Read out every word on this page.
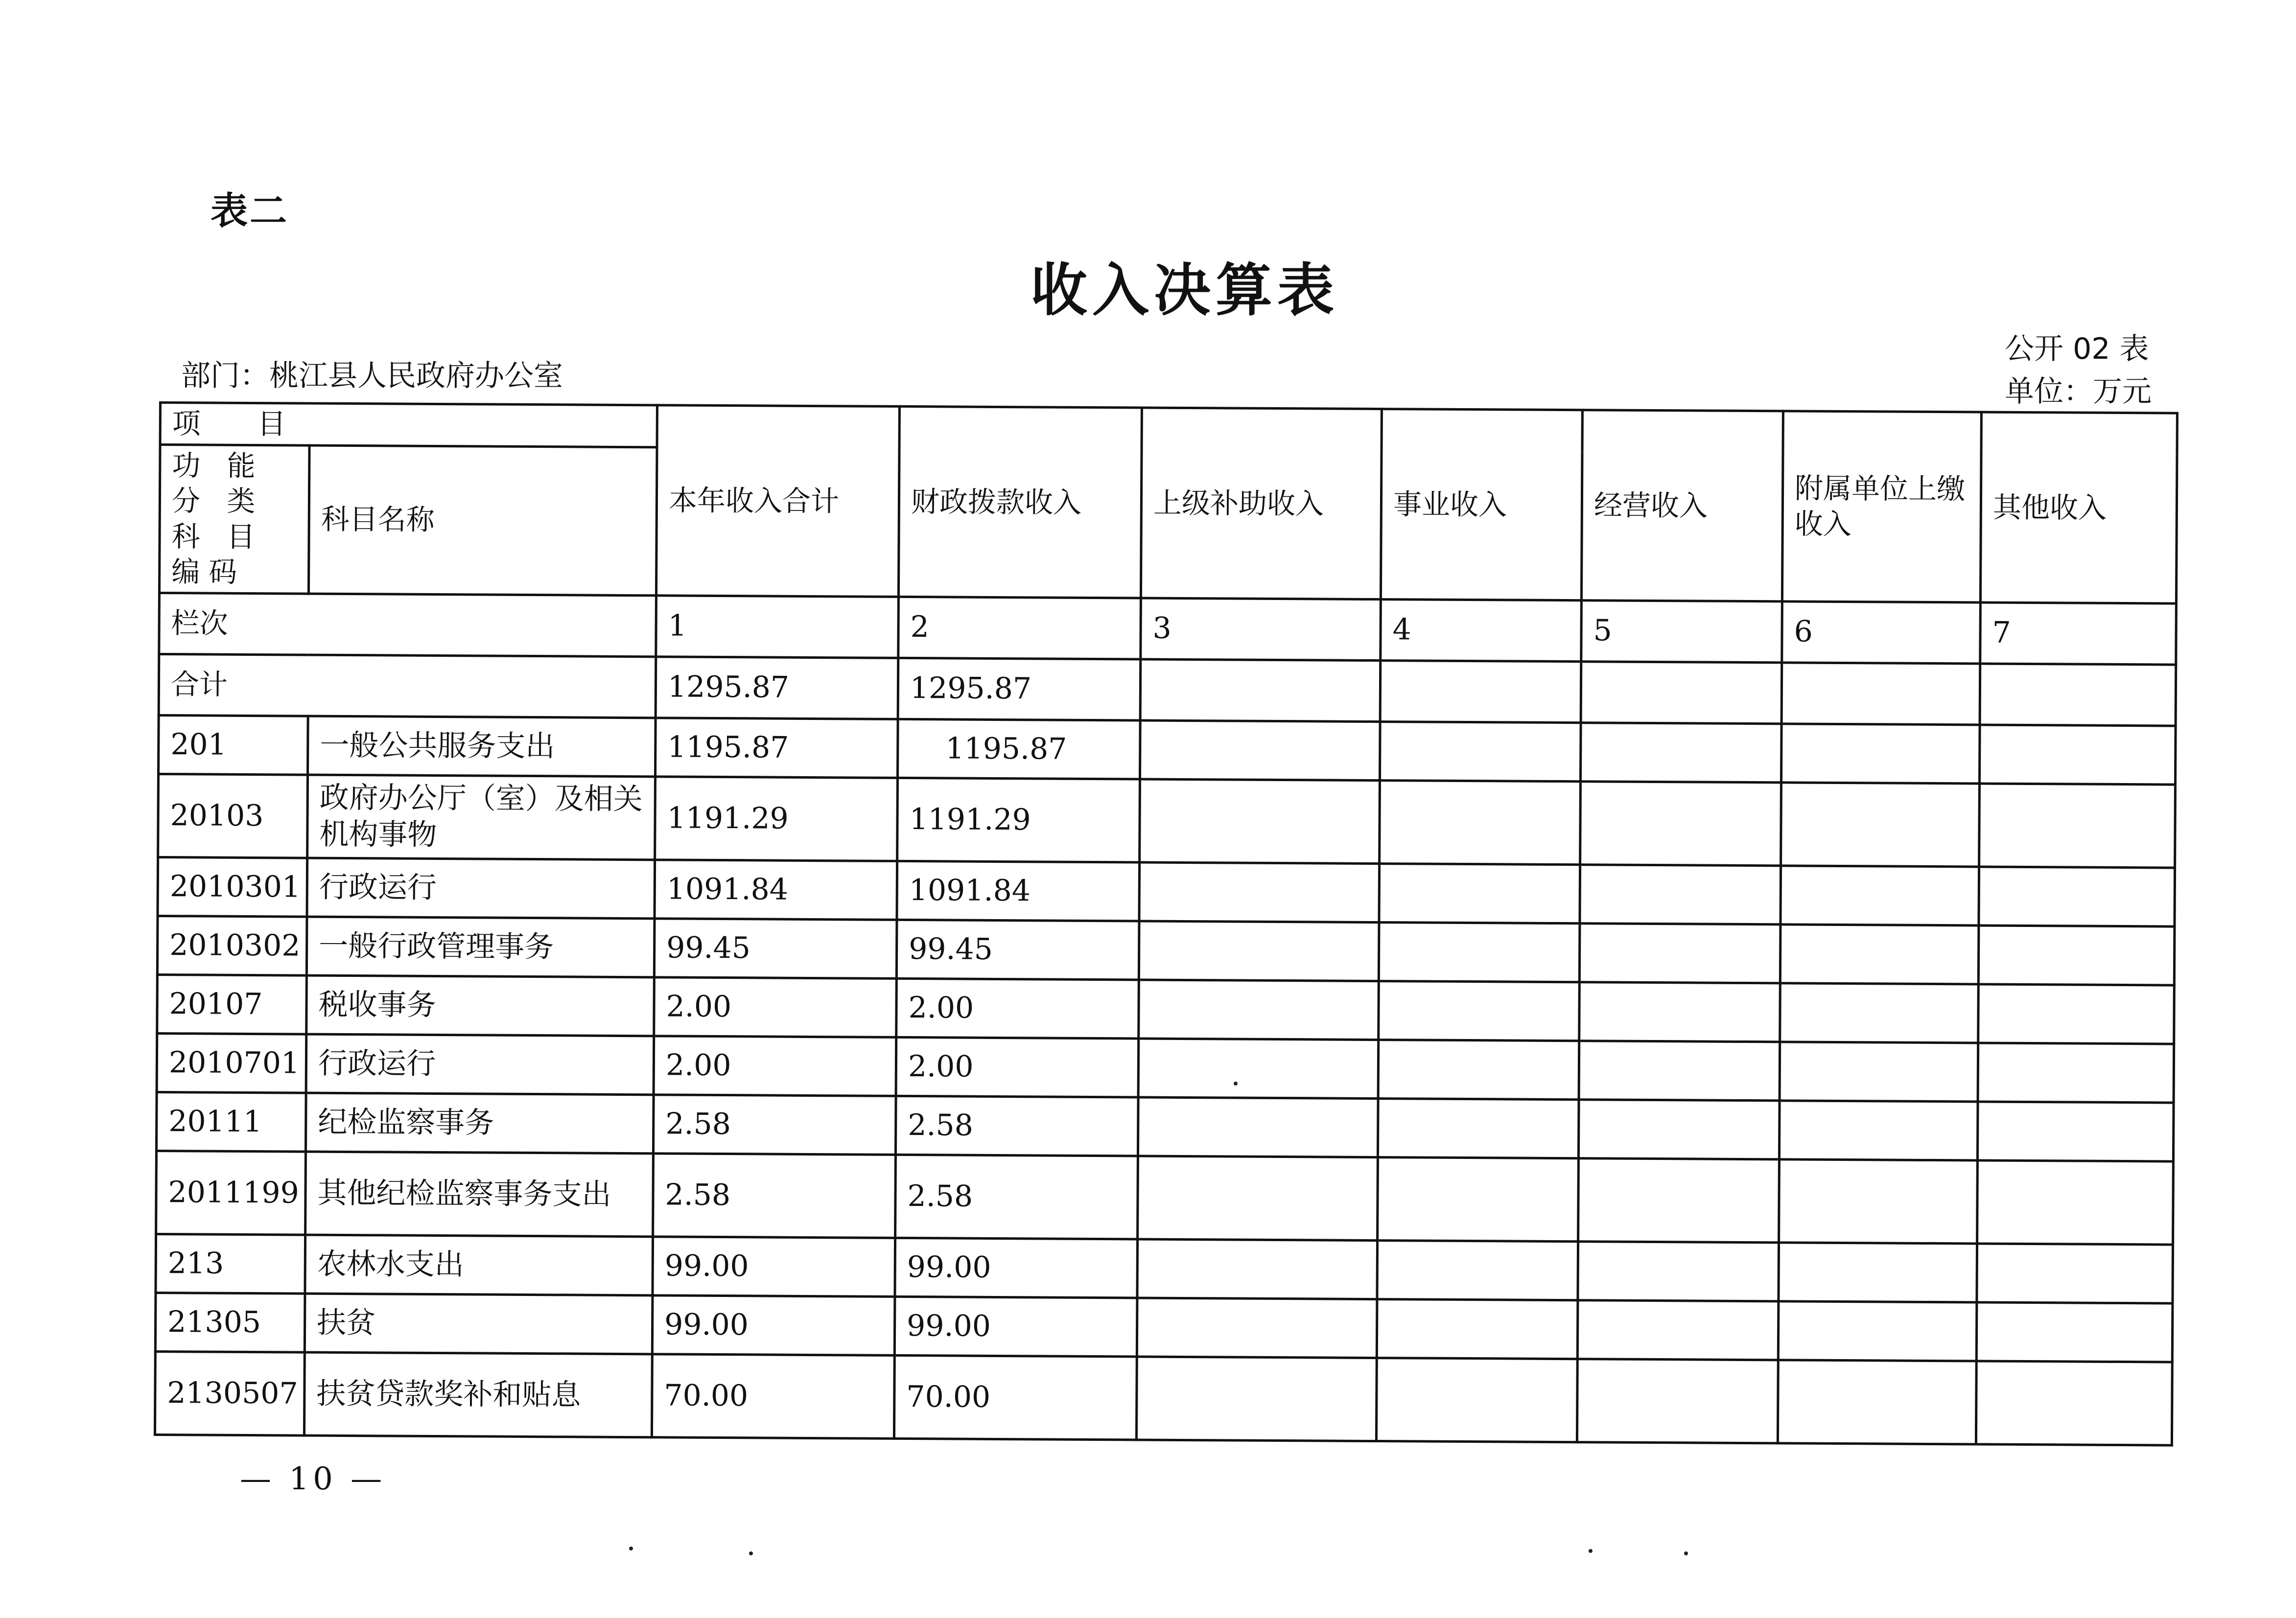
表二
收入决算表
部门：桃江县人民政府办公室
公开 02 表
单位：万元
项　　目		本年收入合计	财政拨款收入	上级补助收入	事业收入	经营收入	附属单位上缴收入	其他收入
功 能 分 类 科 目 编码	科目名称							
栏次		1	2	3	4	5	6	7
合计		1295.87	1295.87					
201	一般公共服务支出	1195.87	1195.87					
20103	政府办公厅（室）及相关机构事物	1191.29	1191.29					
2010301	行政运行	1091.84	1091.84					
2010302	一般行政管理事务	99.45	99.45					
20107	税收事务	2.00	2.00					
2010701	行政运行	2.00	2.00					
20111	纪检监察事务	2.58	2.58					
2011199	其他纪检监察事务支出	2.58	2.58					
213	农林水支出	99.00	99.00					
21305	扶贫	99.00	99.00					
2130507	扶贫贷款奖补和贴息	70.00	70.00					
— 10 —
